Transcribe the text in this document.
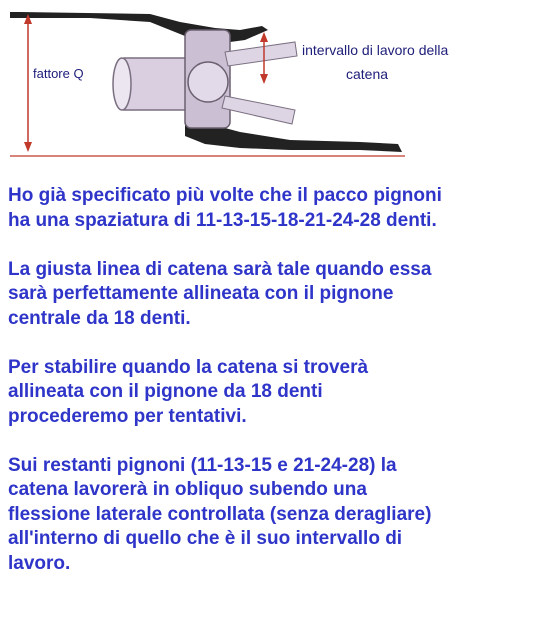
fattore Q
intervallo di lavoro della
catena

Ho già specificato più volte che il pacco pignoni
ha una spaziatura di 11-13-15-18-21-24-28 denti.

La giusta linea di catena sarà tale quando essa
sarà perfettamente allineata con il pignone
centrale da 18 denti.

Per stabilire quando la catena si troverà
allineata con il pignone da 18 denti
procederemo per tentativi.

Sui restanti pignoni (11-13-15 e 21-24-28) la
catena lavorerà in obliquo subendo una
flessione laterale controllata (senza deragliare)
all'interno di quello che è il suo intervallo di
lavoro.
